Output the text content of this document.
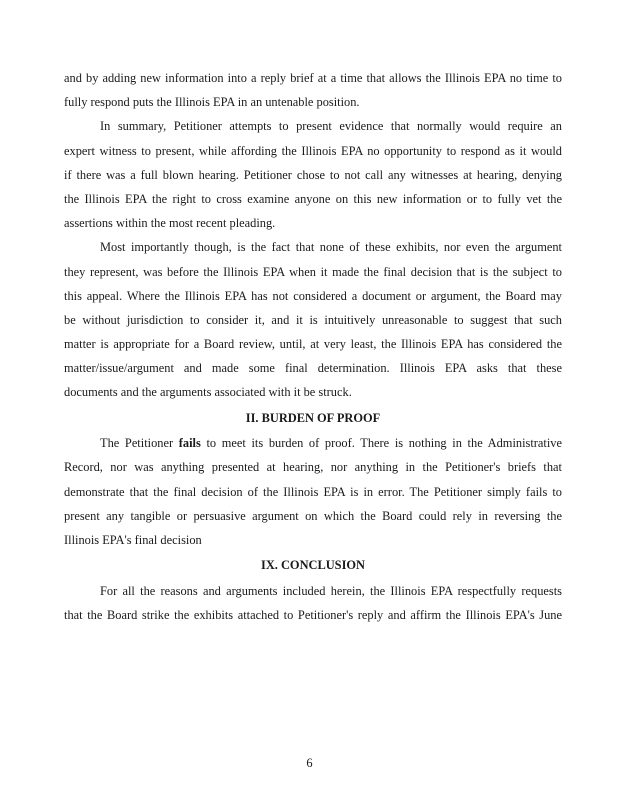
and by adding new information into a reply brief at a time that allows the Illinois EPA no time to
fully respond puts the Illinois EPA in an untenable position.
In summary, Petitioner attempts to present evidence that normally would require an
expert witness to present, while affording the Illinois EPA no opportunity to respond as it would
if there was a full blown hearing. Petitioner chose to not call any witnesses at hearing, denying
the Illinois EPA the right to cross examine anyone on this new information or to fully vet the
assertions within the most recent pleading.
Most importantly though, is the fact that none of these exhibits, nor even the argument
they represent, was before the Illinois EPA when it made the final decision that is the subject to
this appeal. Where the Illinois EPA has not considered a document or argument, the Board may
be without jurisdiction to consider it, and it is intuitively unreasonable to suggest that such
matter is appropriate for a Board review, until, at very least, the Illinois EPA has considered the
matter/issue/argument and made some final determination. Illinois EPA asks that these
documents and the arguments associated with it be struck.
II. BURDEN OF PROOF
The Petitioner fails to meet its burden of proof. There is nothing in the Administrative
Record, nor was anything presented at hearing, nor anything in the Petitioner's briefs that
demonstrate that the final decision of the Illinois EPA is in error. The Petitioner simply fails to
present any tangible or persuasive argument on which the Board could rely in reversing the
Illinois EPA's final decision
IX. CONCLUSION
For all the reasons and arguments included herein, the Illinois EPA respectfully requests
that the Board strike the exhibits attached to Petitioner's reply and affirm the Illinois EPA's June
6
